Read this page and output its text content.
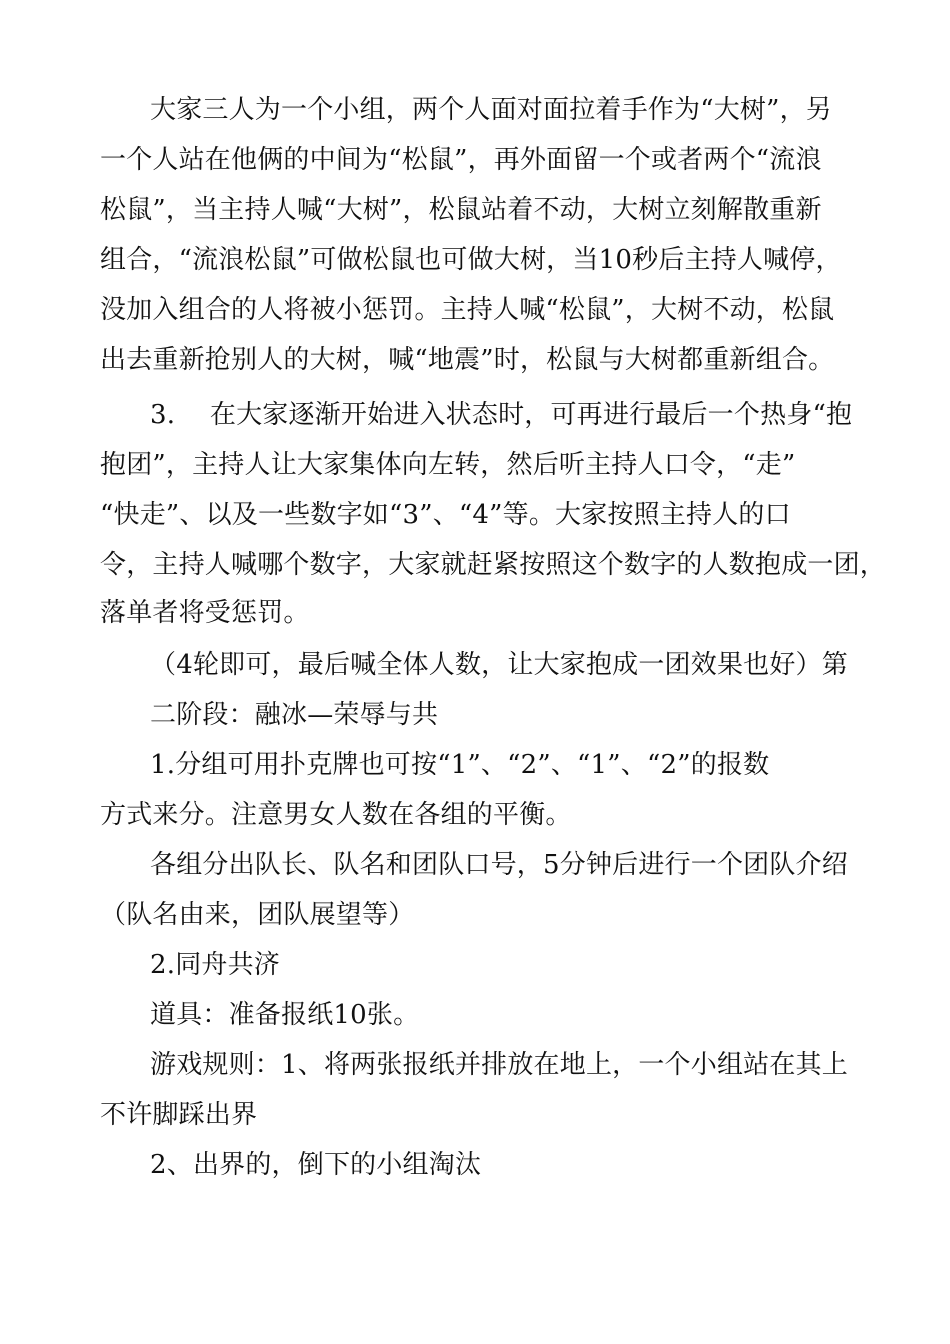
大家三人为一个小组，两个人面对面拉着手作为“大树”，另
一个人站在他俩的中间为“松鼠”，再外面留一个或者两个“流浪
松鼠”，当主持人喊“大树”，松鼠站着不动，大树立刻解散重新
组合，“流浪松鼠”可做松鼠也可做大树，当10秒后主持人喊停，
没加入组合的人将被小惩罚。主持人喊“松鼠”，大树不动，松鼠
出去重新抢别人的大树，喊“地震”时，松鼠与大树都重新组合。
3.　 在大家逐渐开始进入状态时，可再进行最后一个热身“抱
抱团”，主持人让大家集体向左转，然后听主持人口令，“走”
“快走”、以及一些数字如“3”、“4”等。大家按照主持人的口
令，主持人喊哪个数字，大家就赶紧按照这个数字的人数抱成一团，
落单者将受惩罚。
（4轮即可，最后喊全体人数，让大家抱成一团效果也好）第
二阶段：融冰—荣辱与共
1.分组可用扑克牌也可按“1”、“2”、“1”、“2”的报数
方式来分。注意男女人数在各组的平衡。
各组分出队长、队名和团队口号，5分钟后进行一个团队介绍
（队名由来，团队展望等）
2.同舟共济
道具：准备报纸10张。
游戏规则：1、将两张报纸并排放在地上，一个小组站在其上
不许脚踩出界
2、出界的，倒下的小组淘汰
